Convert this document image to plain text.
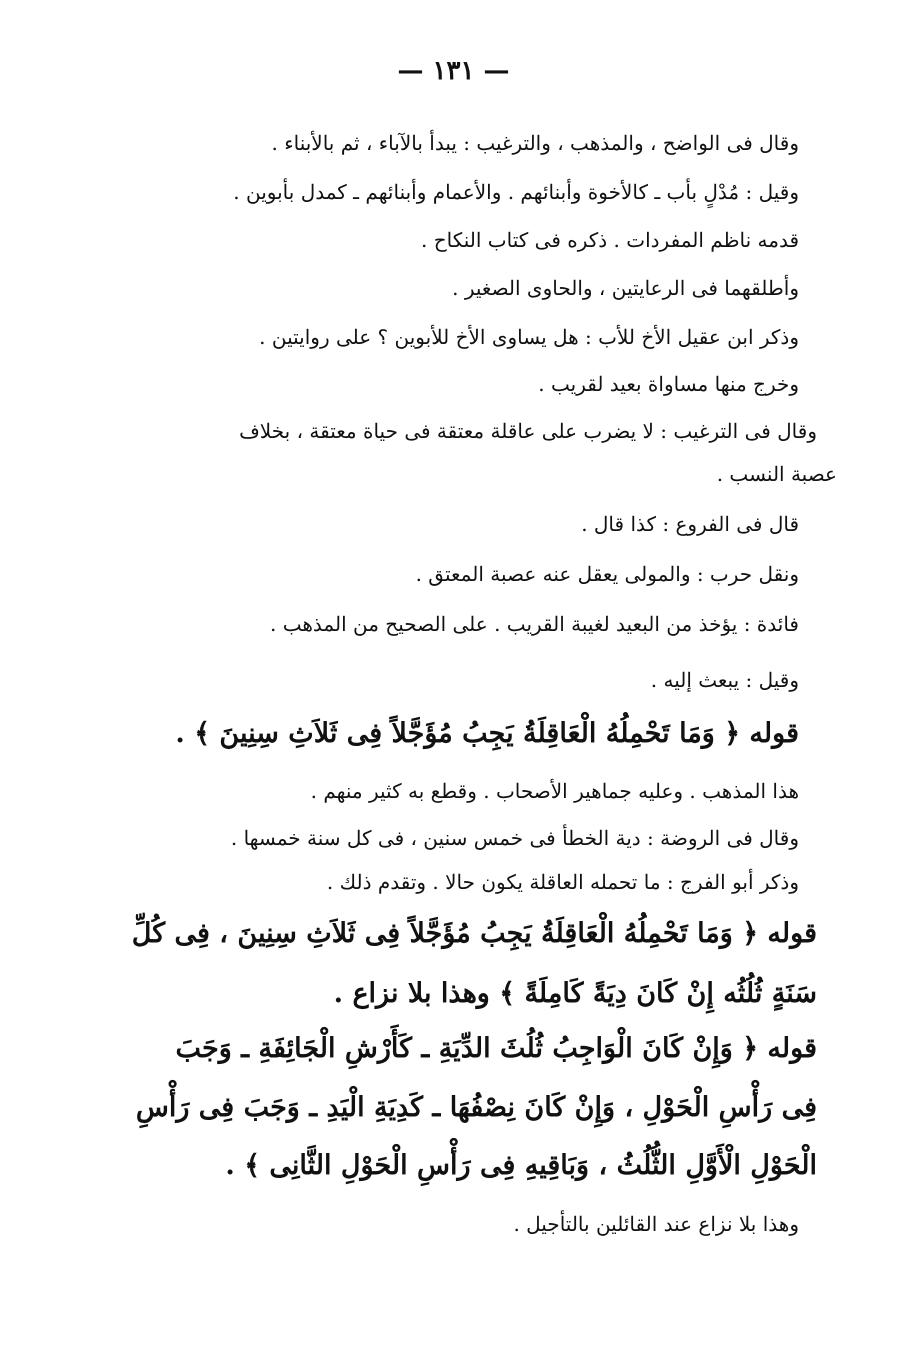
— ١٣١ —
وقال فى الواضح ، والمذهب ، والترغيب : يبدأ بالآباء ، ثم بالأبناء .
وقيل : مُدْلٍ بأب ـ كالأخوة وأبنائهم . والأعمام وأبنائهم ـ كمدل بأبوين .
قدمه ناظم المفردات . ذكره فى كتاب النكاح .
وأطلقهما فى الرعايتين ، والحاوى الصغير .
وذكر ابن عقيل الأخ للأب : هل يساوى الأخ للأبوين ؟ على روايتين .
وخرج منها مساواة بعيد لقريب .
وقال فى الترغيب : لا يضرب على عاقلة معتقة فى حياة معتقة ، بخلاف
عصبة النسب .
قال فى الفروع : كذا قال .
ونقل حرب : والمولى يعقل عنه عصبة المعتق .
فائدة : يؤخذ من البعيد لغيبة القريب . على الصحيح من المذهب .
وقيل : يبعث إليه .
قوله ﴿ وَمَا تَحْمِلُهُ الْعَاقِلَةُ يَجِبُ مُؤَجَّلاً فِى ثَلاَثِ سِنِينَ ﴾ .
هذا المذهب . وعليه جماهير الأصحاب . وقطع به كثير منهم .
وقال فى الروضة : دية الخطأ فى خمس سنين ، فى كل سنة خمسها .
وذكر أبو الفرج : ما تحمله العاقلة يكون حالا . وتقدم ذلك .
قوله ﴿ وَمَا تَحْمِلُهُ الْعَاقِلَةُ يَجِبُ مُؤَجَّلاً فِى ثَلاَثِ سِنِينَ ، فِى كُلِّ
سَنَةٍ ثُلُثُه إِنْ كَانَ دِيَةً كَامِلَةً ﴾ وهذا بلا نزاع .
قوله ﴿ وَإِنْ كَانَ الْوَاجِبُ ثُلُثَ الدِّيَةِ ـ كَأَرْشِ الْجَائِفَةِ ـ وَجَبَ
فِى رَأْسِ الْحَوْلِ ، وَإِنْ كَانَ نِصْفُهَا ـ كَدِيَةِ الْيَدِ ـ وَجَبَ فِى رَأْسِ
الْحَوْلِ الْأَوَّلِ الثُّلُثُ ، وَبَاقِيهِ فِى رَأْسِ الْحَوْلِ الثَّانِى ﴾ .
وهذا بلا نزاع عند القائلين بالتأجيل .
